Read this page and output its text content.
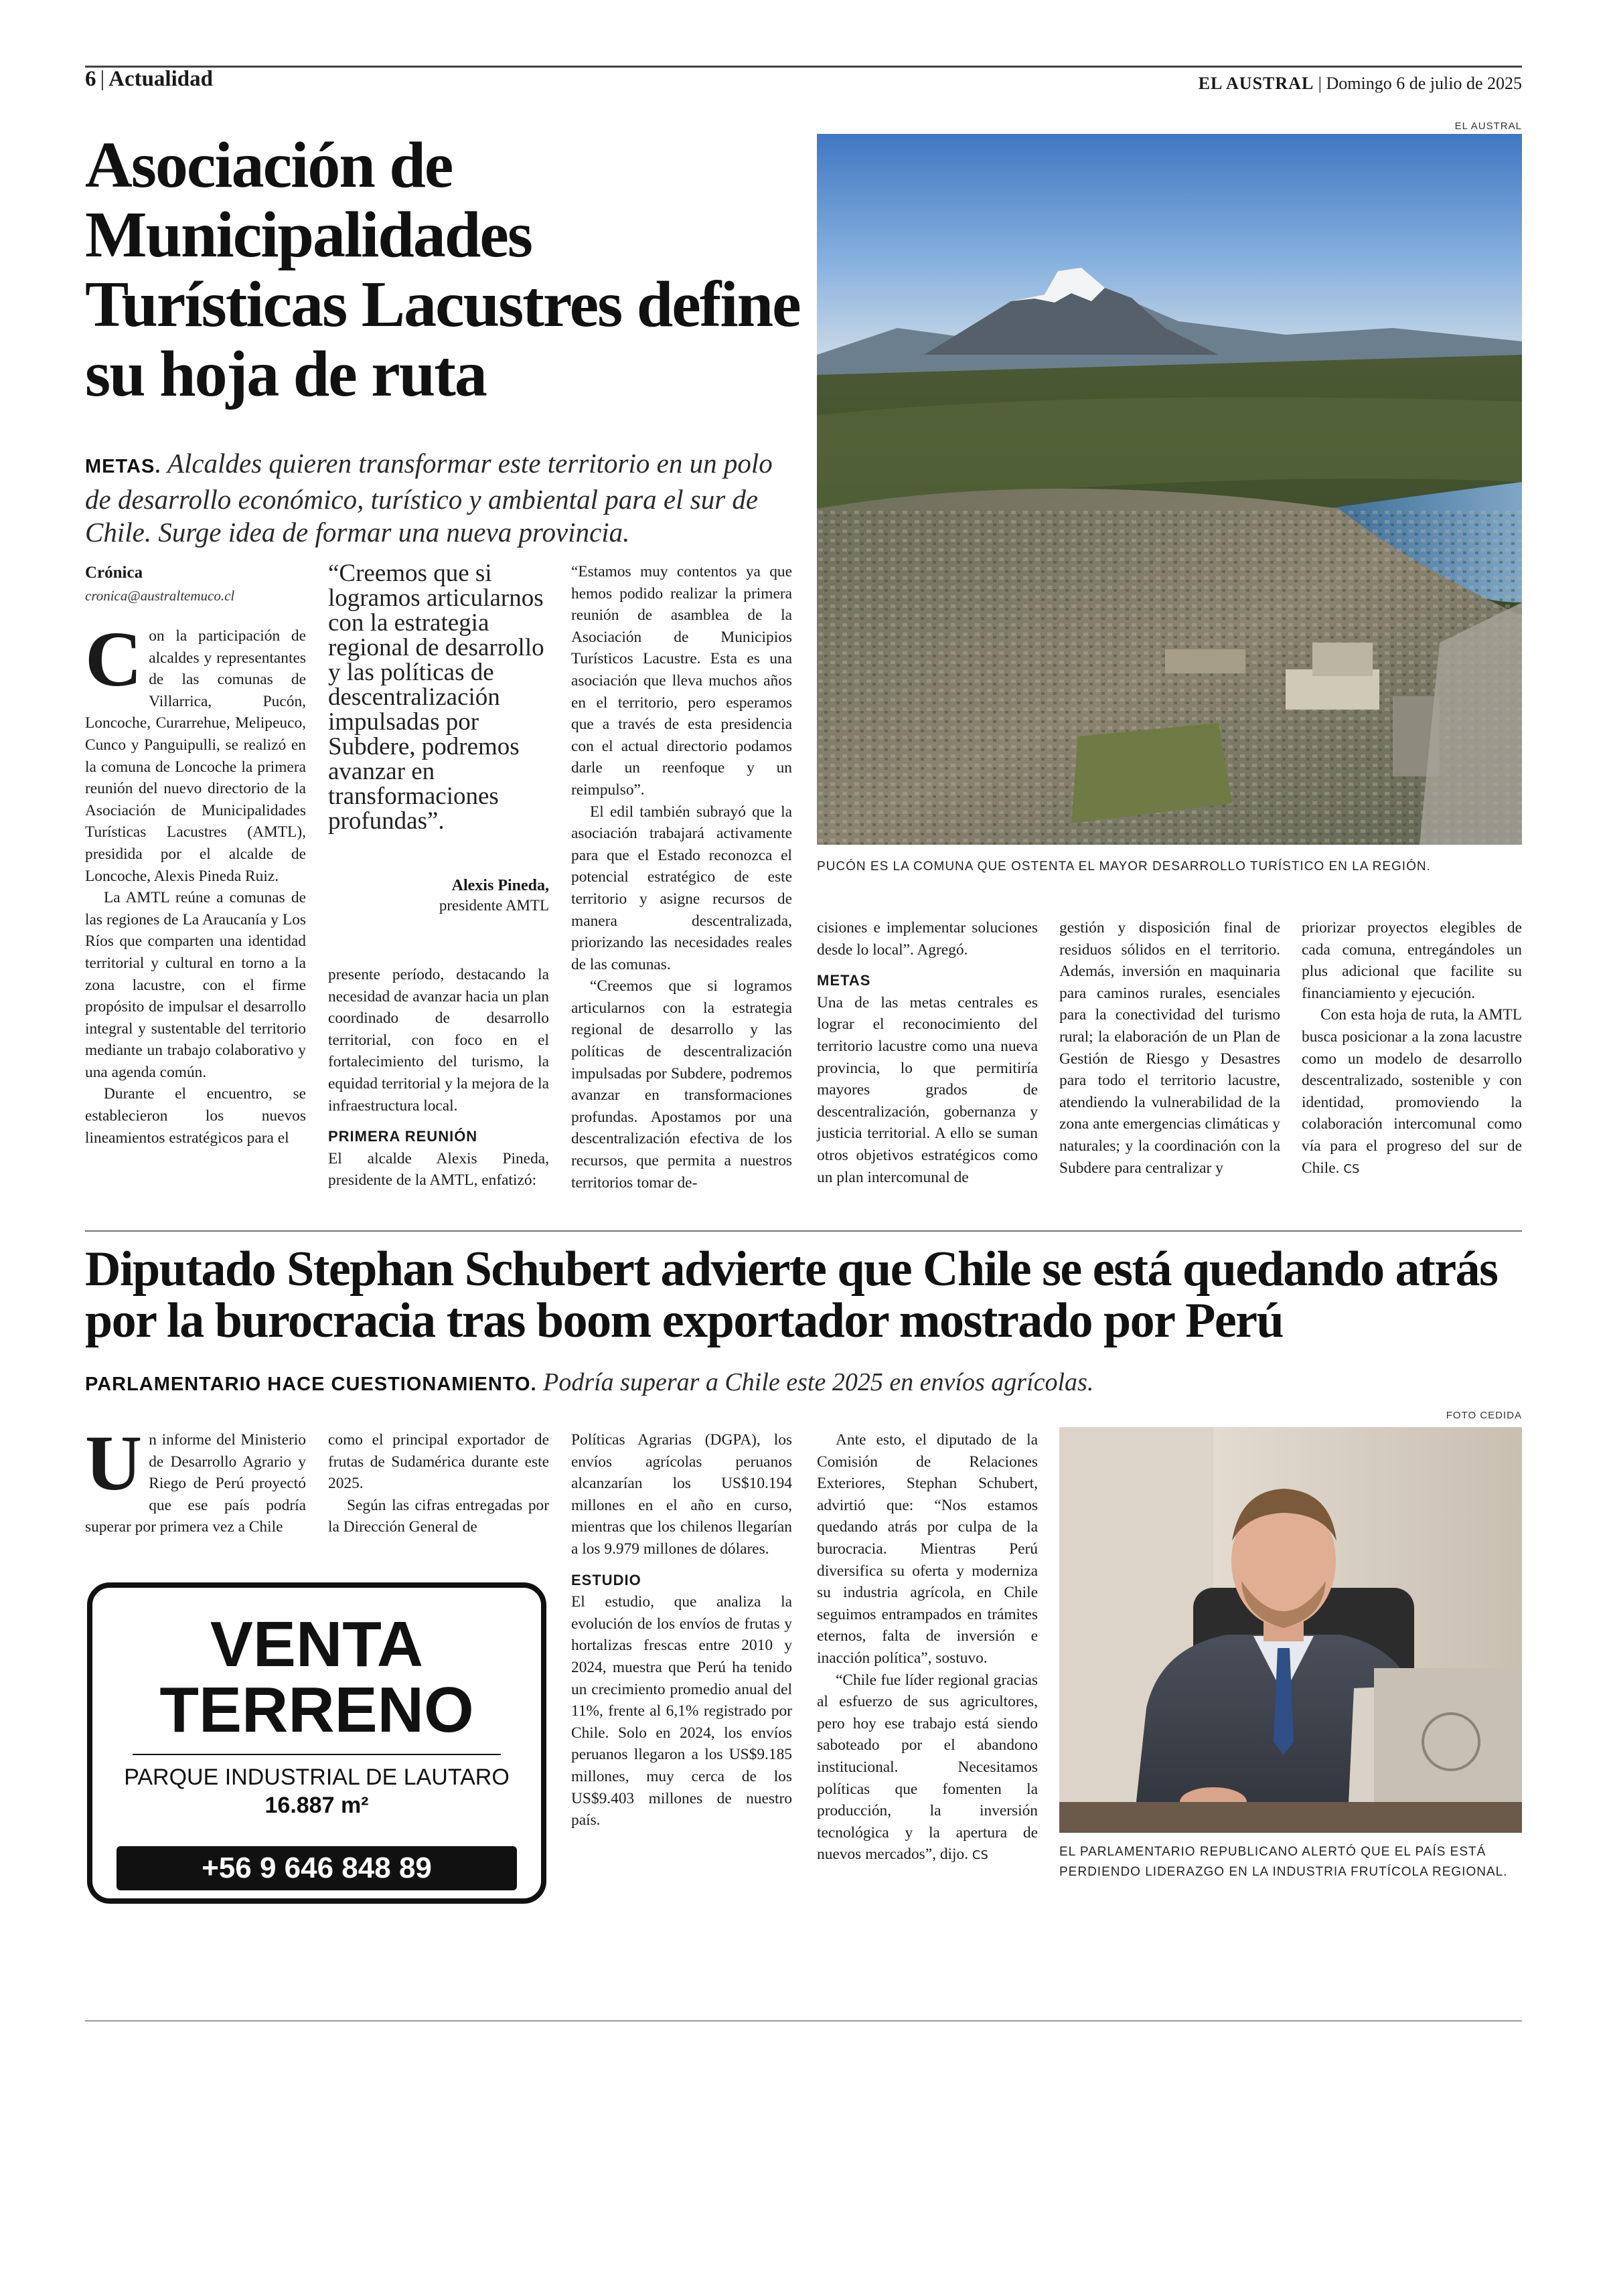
6 | Actualidad	EL AUSTRAL | Domingo 6 de julio de 2025
Asociación de Municipalidades Turísticas Lacustres define su hoja de ruta
METAS. Alcaldes quieren transformar este territorio en un polo de desarrollo económico, turístico y ambiental para el sur de Chile. Surge idea de formar una nueva provincia.
EL AUSTRAL
PUCÓN ES LA COMUNA QUE OSTENTA EL MAYOR DESARROLLO TURÍSTICO EN LA REGIÓN.
Crónica
cronica@australtemuco.cl

Con la participación de alcaldes y representantes de las comunas de Villarrica, Pucón, Loncoche, Curarrehue, Melipeuco, Cunco y Panguipulli, se realizó en la comuna de Loncoche la primera reunión del nuevo directorio de la Asociación de Municipalidades Turísticas Lacustres (AMTL), presidida por el alcalde de Loncoche, Alexis Pineda Ruiz.

La AMTL reúne a comunas de las regiones de La Araucanía y Los Ríos que comparten una identidad territorial y cultural en torno a la zona lacustre, con el firme propósito de impulsar el desarrollo integral y sustentable del territorio mediante un trabajo colaborativo y una agenda común.

Durante el encuentro, se establecieron los nuevos lineamientos estratégicos para el

“Creemos que si logramos articularnos con la estrategia regional de desarrollo y las políticas de descentralización impulsadas por Subdere, podremos avanzar en transformaciones profundas”.
Alexis Pineda,
presidente AMTL

presente período, destacando la necesidad de avanzar hacia un plan coordinado de desarrollo territorial, con foco en el fortalecimiento del turismo, la equidad territorial y la mejora de la infraestructura local.

PRIMERA REUNIÓN

El alcalde Alexis Pineda, presidente de la AMTL, enfatizó:

“Estamos muy contentos ya que hemos podido realizar la primera reunión de asamblea de la Asociación de Municipios Turísticos Lacustre. Esta es una asociación que lleva muchos años en el territorio, pero esperamos que a través de esta presidencia con el actual directorio podamos darle un reenfoque y un reimpulso”.

El edil también subrayó que la asociación trabajará activamente para que el Estado reconozca el potencial estratégico de este territorio y asigne recursos de manera descentralizada, priorizando las necesidades reales de las comunas.

“Creemos que si logramos articularnos con la estrategia regional de desarrollo y las políticas de descentralización impulsadas por Subdere, podremos avanzar en transformaciones profundas. Apostamos por una descentralización efectiva de los recursos, que permita a nuestros territorios tomar de-

cisiones e implementar soluciones desde lo local”. Agregó.

METAS

Una de las metas centrales es lograr el reconocimiento del territorio lacustre como una nueva provincia, lo que permitiría mayores grados de descentralización, gobernanza y justicia territorial. A ello se suman otros objetivos estratégicos como un plan intercomunal de

gestión y disposición final de residuos sólidos en el territorio. Además, inversión en maquinaria para caminos rurales, esenciales para la conectividad del turismo rural; la elaboración de un Plan de Gestión de Riesgo y Desastres para todo el territorio lacustre, atendiendo la vulnerabilidad de la zona ante emergencias climáticas y naturales; y la coordinación con la Subdere para centralizar y

priorizar proyectos elegibles de cada comuna, entregándoles un plus adicional que facilite su financiamiento y ejecución.

Con esta hoja de ruta, la AMTL busca posicionar a la zona lacustre como un modelo de desarrollo descentralizado, sostenible y con identidad, promoviendo la colaboración intercomunal como vía para el progreso del sur de Chile. CS

Diputado Stephan Schubert advierte que Chile se está quedando atrás por la burocracia tras boom exportador mostrado por Perú
PARLAMENTARIO HACE CUESTIONAMIENTO. Podría superar a Chile este 2025 en envíos agrícolas.
FOTO CEDIDA

Un informe del Ministerio de Desarrollo Agrario y Riego de Perú proyectó que ese país podría superar por primera vez a Chile

como el principal exportador de frutas de Sudamérica durante este 2025.

Según las cifras entregadas por la Dirección General de

VENTA
TERRENO
PARQUE INDUSTRIAL DE LAUTARO
16.887 m²
+56 9 646 848 89

Políticas Agrarias (DGPA), los envíos agrícolas peruanos alcanzarían los US$10.194 millones en el año en curso, mientras que los chilenos llegarían a los 9.979 millones de dólares.

ESTUDIO

El estudio, que analiza la evolución de los envíos de frutas y hortalizas frescas entre 2010 y 2024, muestra que Perú ha tenido un crecimiento promedio anual del 11%, frente al 6,1% registrado por Chile. Solo en 2024, los envíos peruanos llegaron a los US$9.185 millones, muy cerca de los US$9.403 millones de nuestro país.

Ante esto, el diputado de la Comisión de Relaciones Exteriores, Stephan Schubert, advirtió que: “Nos estamos quedando atrás por culpa de la burocracia. Mientras Perú diversifica su oferta y moderniza su industria agrícola, en Chile seguimos entrampados en trámites eternos, falta de inversión e inacción política”, sostuvo.

“Chile fue líder regional gracias al esfuerzo de sus agricultores, pero hoy ese trabajo está siendo saboteado por el abandono institucional. Necesitamos políticas que fomenten la producción, la inversión tecnológica y la apertura de nuevos mercados”, dijo. CS	EL PARLAMENTARIO REPUBLICANO ALERTÓ QUE EL PAÍS ESTÁ PERDIENDO LIDERAZGO EN LA INDUSTRIA FRUTÍCOLA REGIONAL.
